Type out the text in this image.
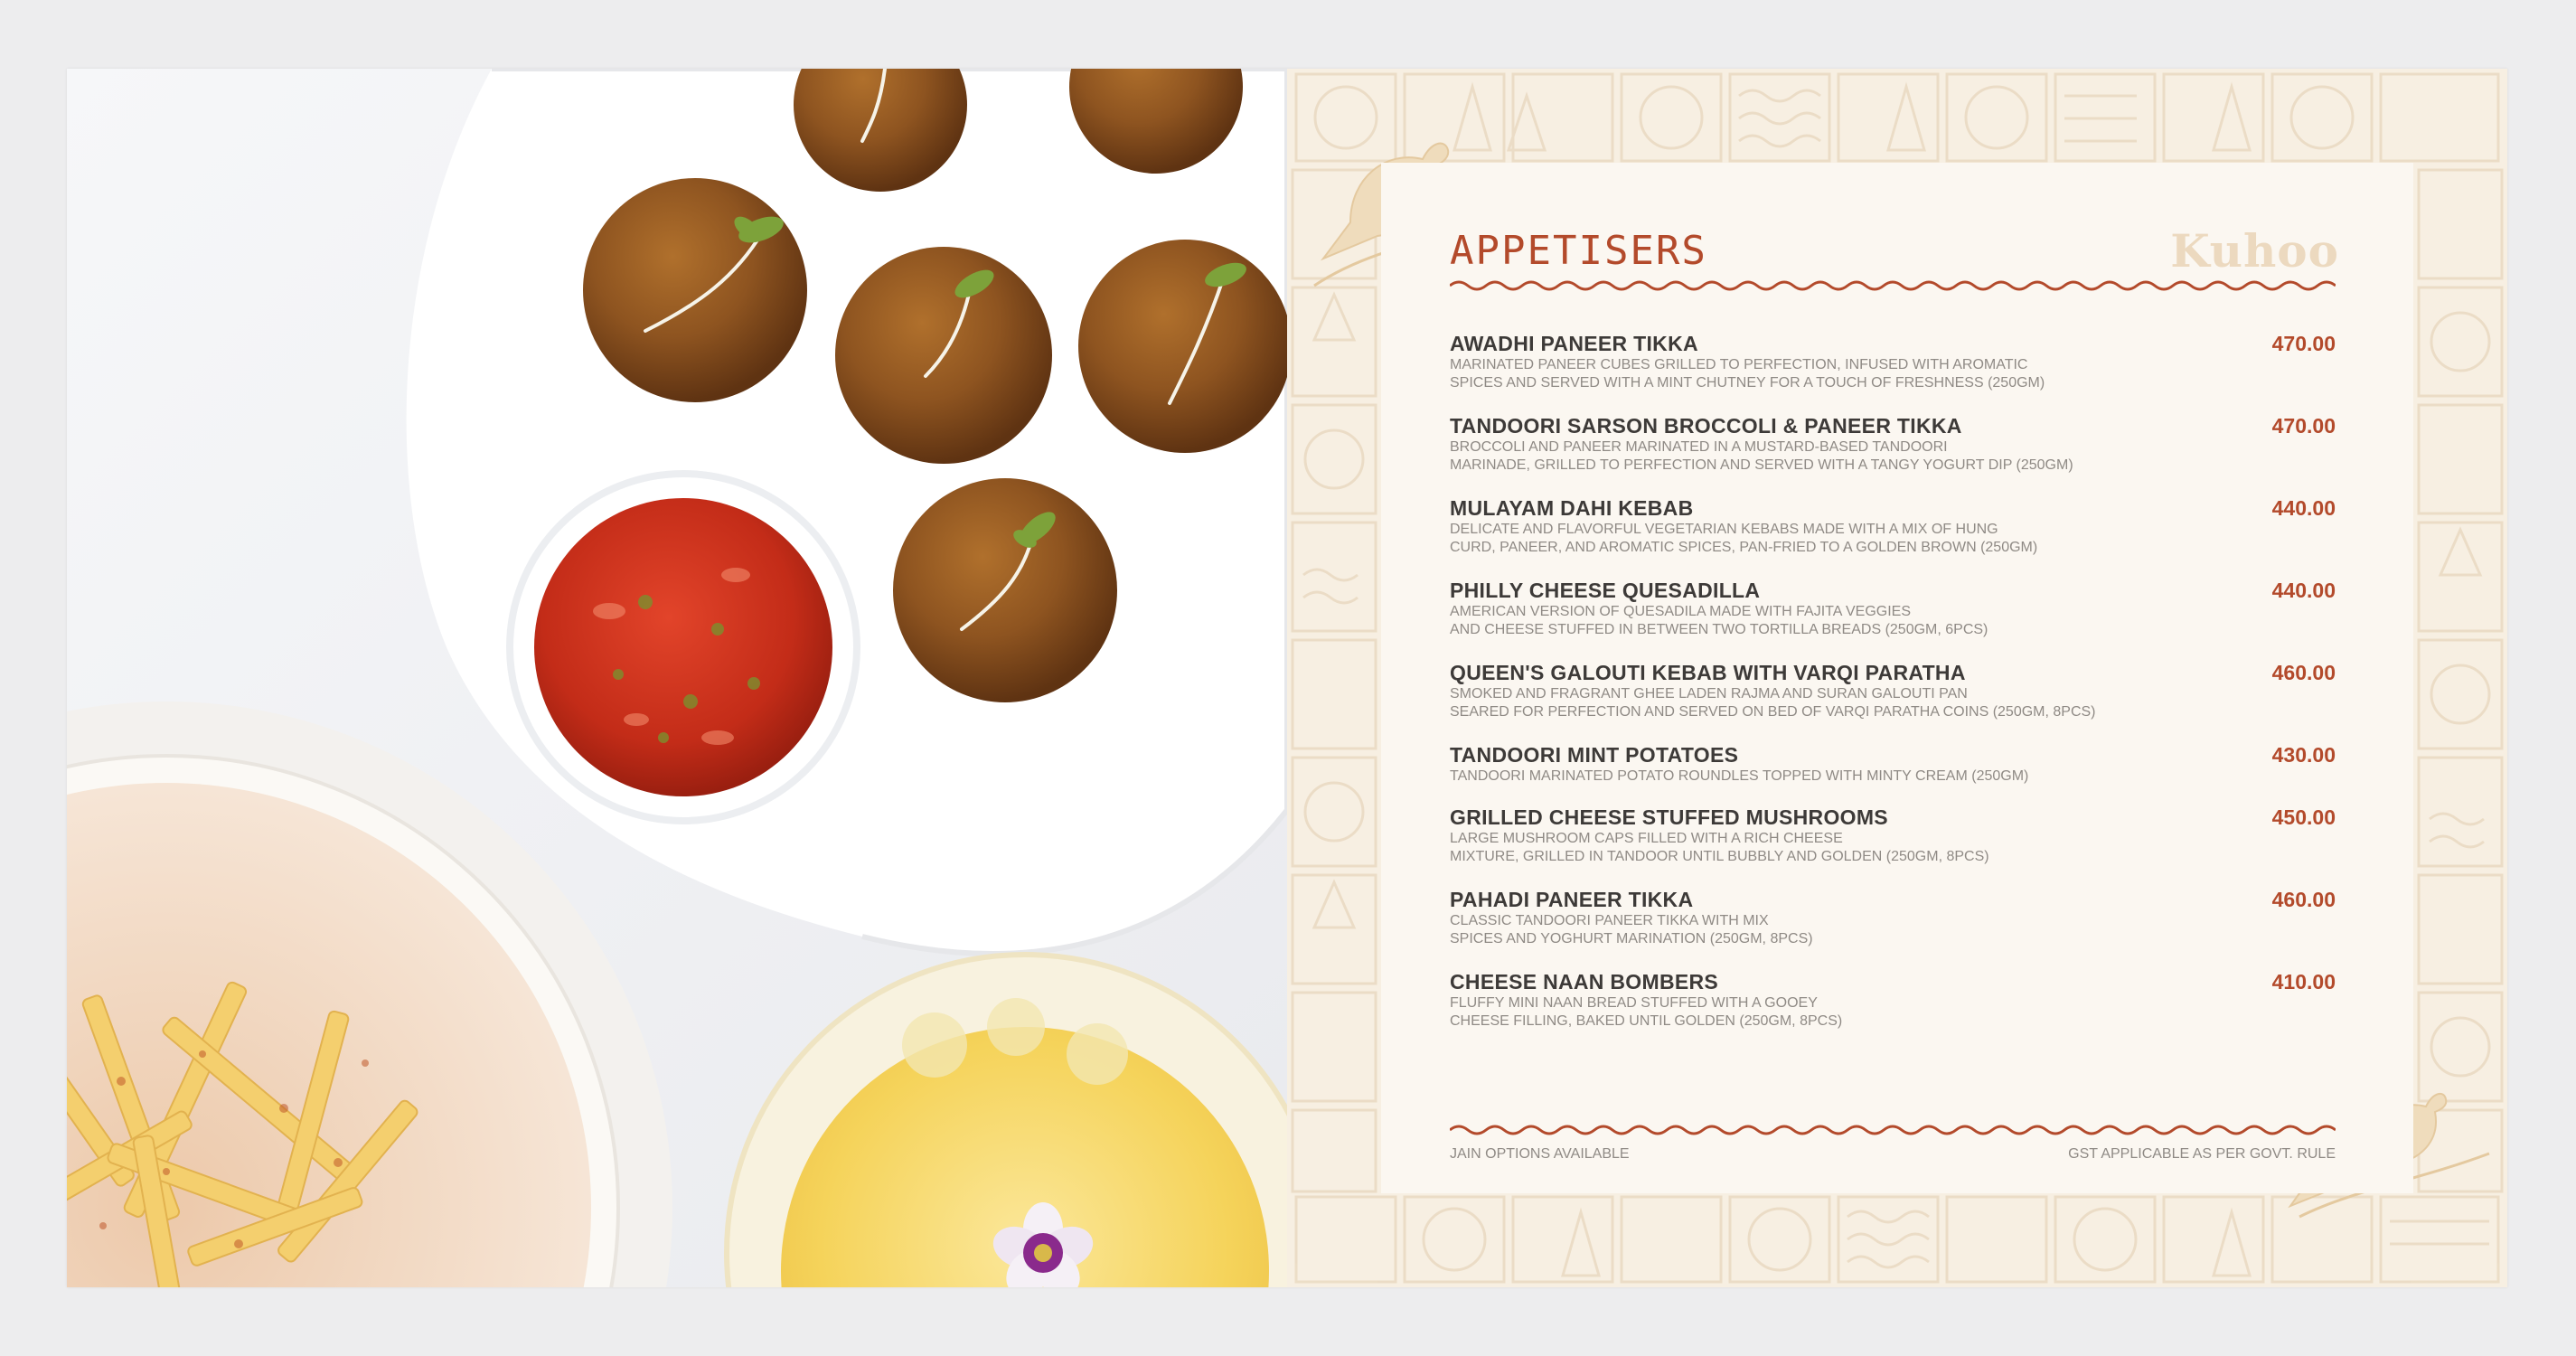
APPETISERS	Kuhoo
AWADHI PANEER TIKKA
MARINATED PANEER CUBES GRILLED TO PERFECTION, INFUSED WITH AROMATIC
SPICES AND SERVED WITH A MINT CHUTNEY FOR A TOUCH OF FRESHNESS (250GM)
470.00
TANDOORI SARSON BROCCOLI & PANEER TIKKA
BROCCOLI AND PANEER MARINATED IN A MUSTARD-BASED TANDOORI
MARINADE, GRILLED TO PERFECTION AND SERVED WITH A TANGY YOGURT DIP (250GM)
470.00
MULAYAM DAHI KEBAB
DELICATE AND FLAVORFUL VEGETARIAN KEBABS MADE WITH A MIX OF HUNG
CURD, PANEER, AND AROMATIC SPICES, PAN-FRIED TO A GOLDEN BROWN (250GM)
440.00
PHILLY CHEESE QUESADILLA
AMERICAN VERSION OF QUESADILA MADE WITH FAJITA VEGGIES
AND CHEESE STUFFED IN BETWEEN TWO TORTILLA BREADS (250GM, 6PCS)
440.00
QUEEN'S GALOUTI KEBAB WITH VARQI PARATHA
SMOKED AND FRAGRANT GHEE LADEN RAJMA AND SURAN GALOUTI PAN
SEARED FOR PERFECTION AND SERVED ON BED OF VARQI PARATHA COINS (250GM, 8PCS)
460.00
TANDOORI MINT POTATOES
TANDOORI MARINATED POTATO ROUNDLES TOPPED WITH MINTY CREAM (250GM)
430.00
GRILLED CHEESE STUFFED MUSHROOMS
LARGE MUSHROOM CAPS FILLED WITH A RICH CHEESE
MIXTURE, GRILLED IN TANDOOR UNTIL BUBBLY AND GOLDEN (250GM, 8PCS)
450.00
PAHADI PANEER TIKKA
CLASSIC TANDOORI PANEER TIKKA WITH MIX
SPICES AND YOGHURT MARINATION (250GM, 8PCS)
460.00
CHEESE NAAN BOMBERS
FLUFFY MINI NAAN BREAD STUFFED WITH A GOOEY
CHEESE FILLING, BAKED UNTIL GOLDEN (250GM, 8PCS)
410.00
JAIN OPTIONS AVAILABLE	GST APPLICABLE AS PER GOVT. RULE
